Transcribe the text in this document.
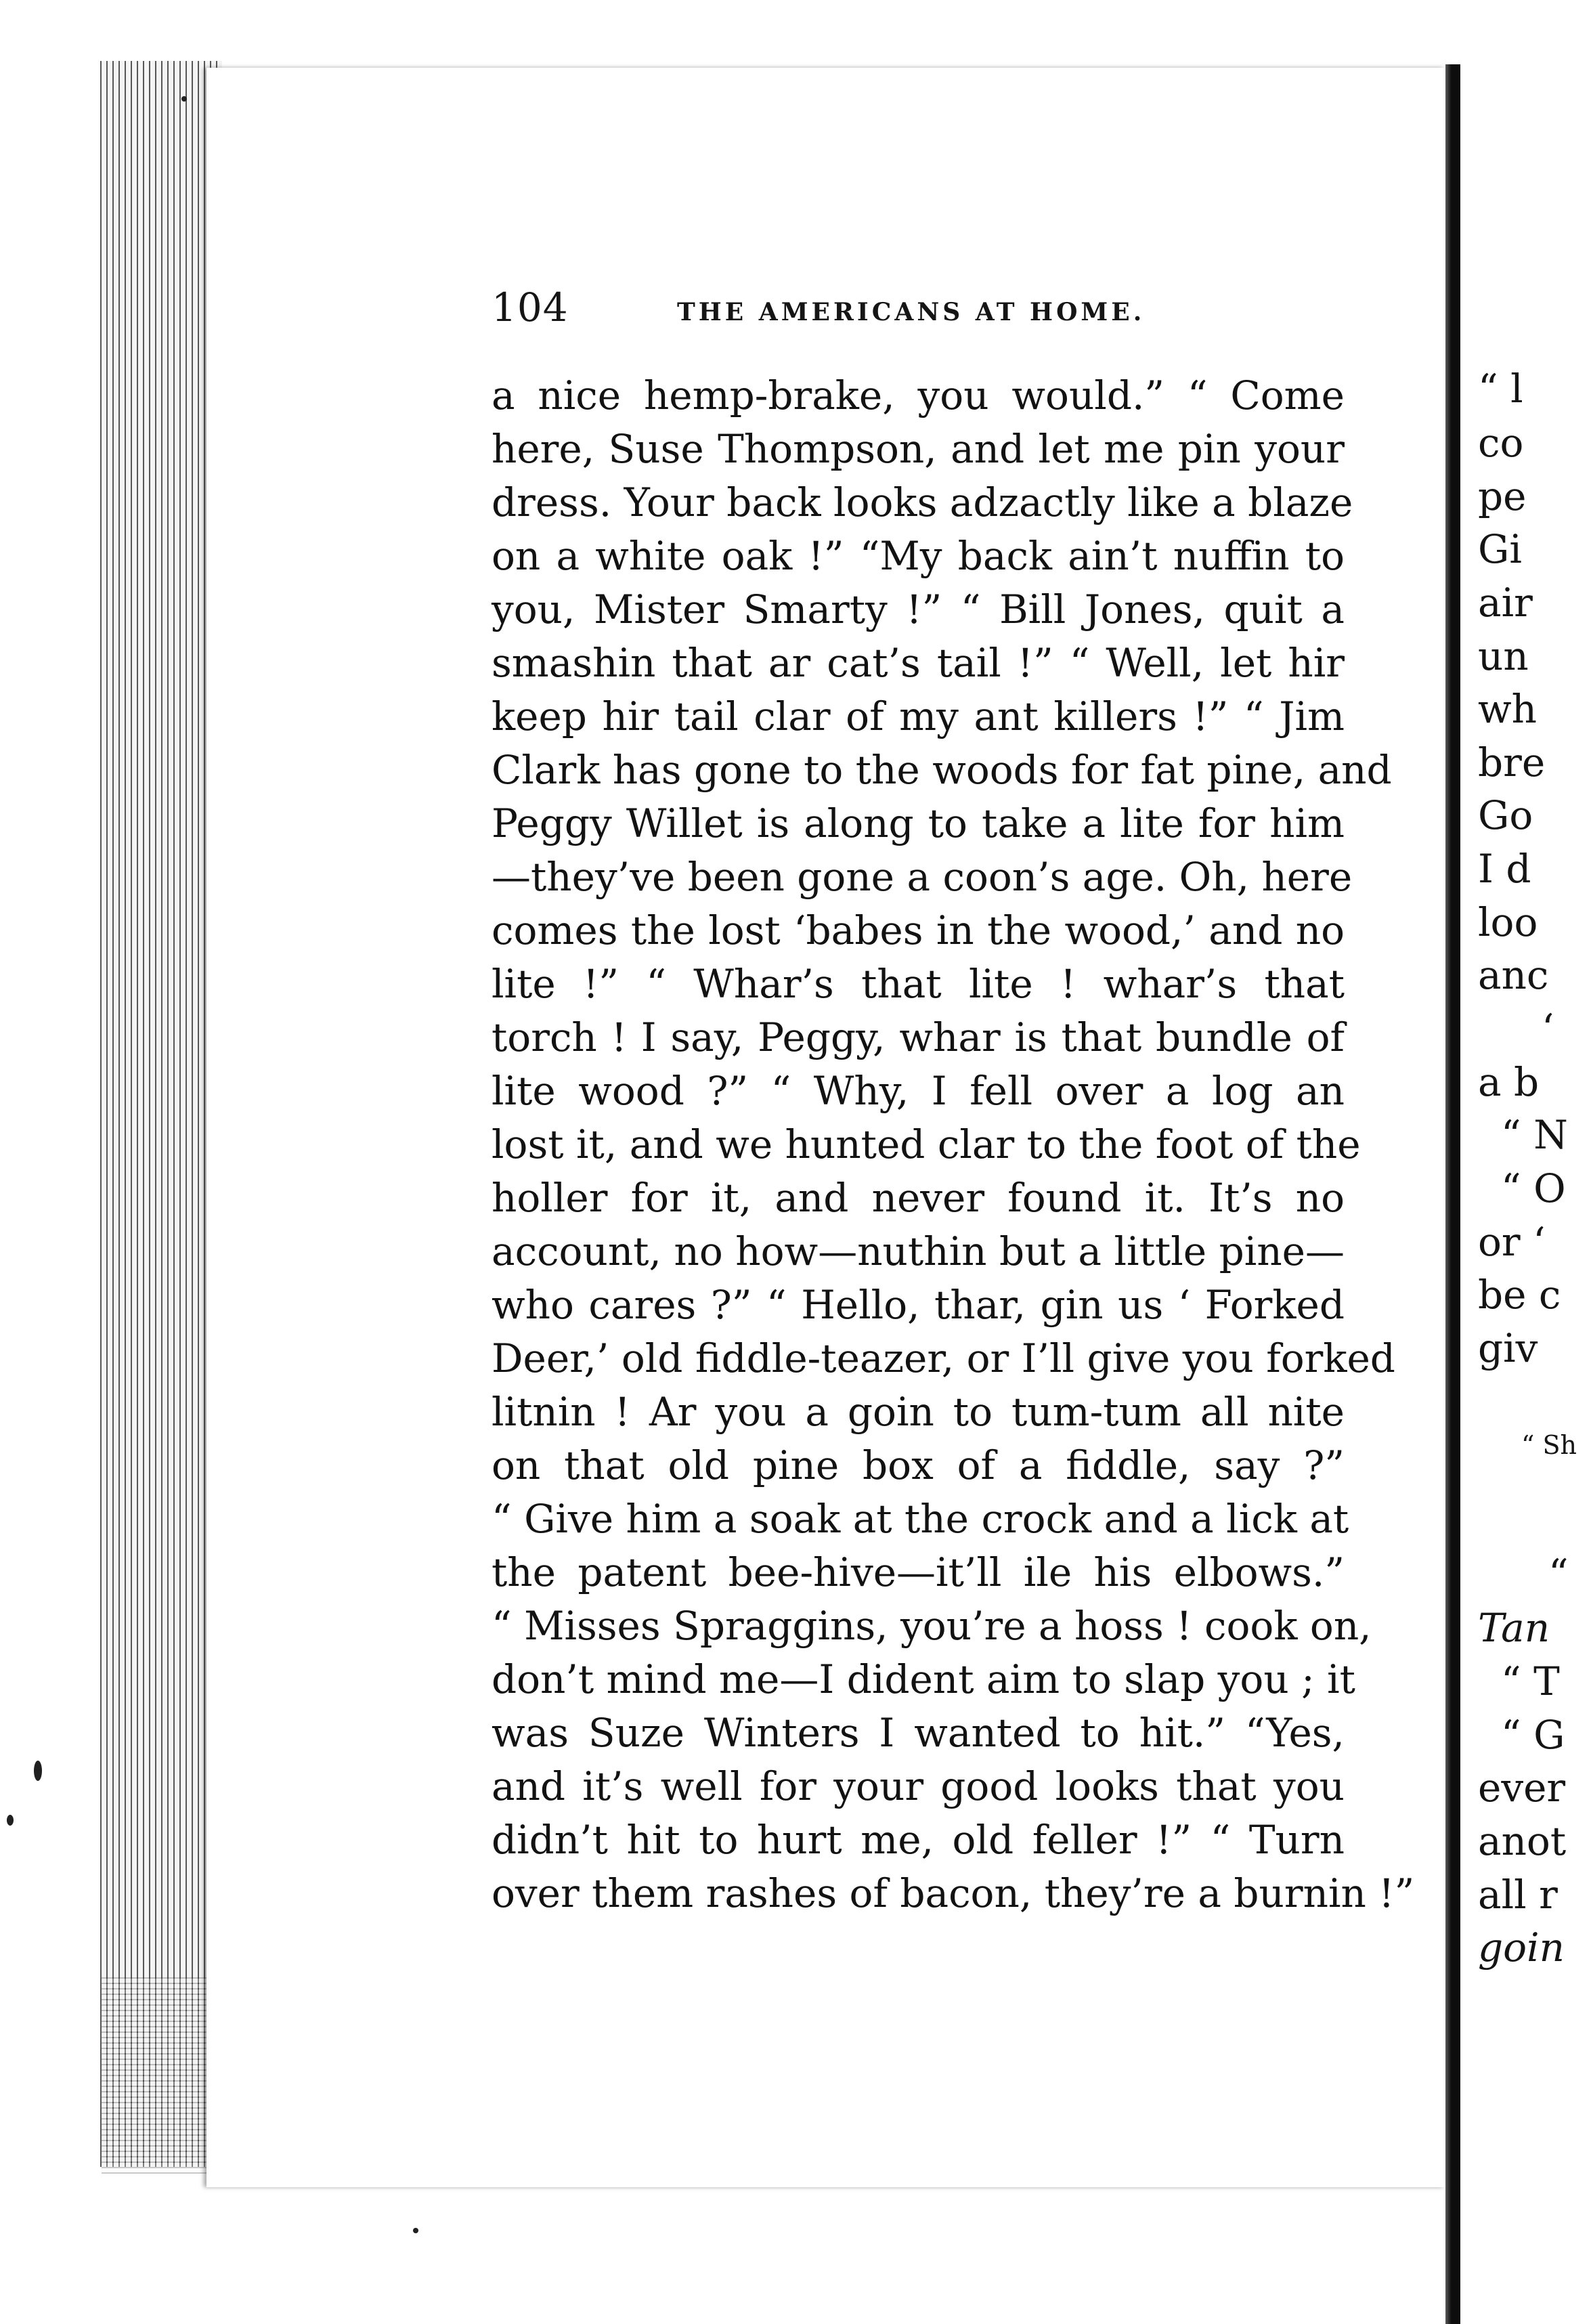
“ l
co
pe
Gi
air
un
wh
bre
Go
I d
loo
anc
‘
a b
“ N
“ O
or ‘
be c
giv
“ Sh
“
Tan
“ T
“ G
ever
anot
all r
goin
104	THE AMERICANS AT HOME.
a nice hemp-brake, you would.” “ Come
here, Suse Thompson, and let me pin your
dress. Your back looks adzactly like a blaze
on a white oak !” “My back ain’t nuffin to
you, Mister Smarty !” “ Bill Jones, quit a
smashin that ar cat’s tail !” “ Well, let hir
keep hir tail clar of my ant killers !” “ Jim
Clark has gone to the woods for fat pine, and
Peggy Willet is along to take a lite for him
—they’ve been gone a coon’s age. Oh, here
comes the lost ‘babes in the wood,’ and no
lite !” “ Whar’s that lite ! whar’s that
torch ! I say, Peggy, whar is that bundle of
lite wood ?” “ Why, I fell over a log an
lost it, and we hunted clar to the foot of the
holler for it, and never found it. It’s no
account, no how—nuthin but a little pine—
who cares ?” “ Hello, thar, gin us ‘ Forked
Deer,’ old fiddle-teazer, or I’ll give you forked
litnin ! Ar you a goin to tum-tum all nite
on that old pine box of a fiddle, say ?”
“ Give him a soak at the crock and a lick at
the patent bee-hive—it’ll ile his elbows.”
“ Misses Spraggins, you’re a hoss ! cook on,
don’t mind me—I dident aim to slap you ; it
was Suze Winters I wanted to hit.” “Yes,
and it’s well for your good looks that you
didn’t hit to hurt me, old feller !” “ Turn
over them rashes of bacon, they’re a burnin !”
